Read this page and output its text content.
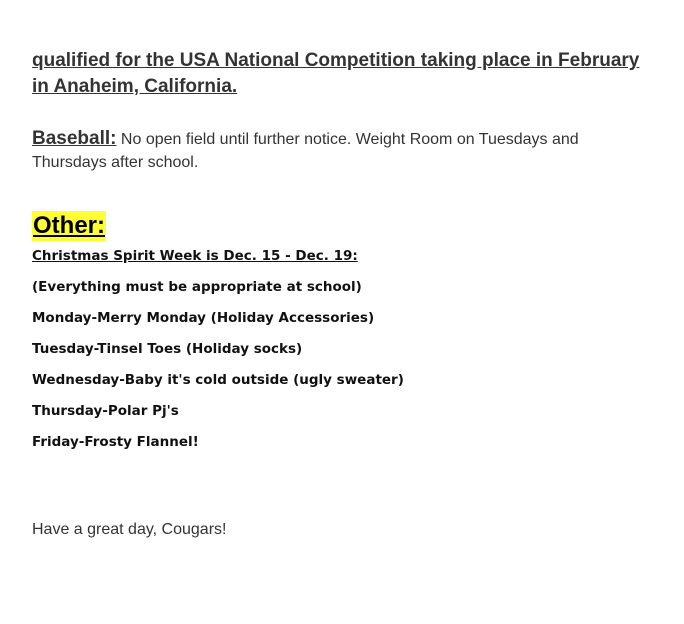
qualified for the USA National Competition taking place in February in Anaheim, California.
Baseball: No open field until further notice. Weight Room on Tuesdays and Thursdays after school.
Other:
Christmas Spirit Week is Dec. 15 - Dec. 19:
(Everything must be appropriate at school)
Monday-Merry Monday (Holiday Accessories)
Tuesday-Tinsel Toes (Holiday socks)
Wednesday-Baby it's cold outside (ugly sweater)
Thursday-Polar Pj's
Friday-Frosty Flannel!
Have a great day, Cougars!
